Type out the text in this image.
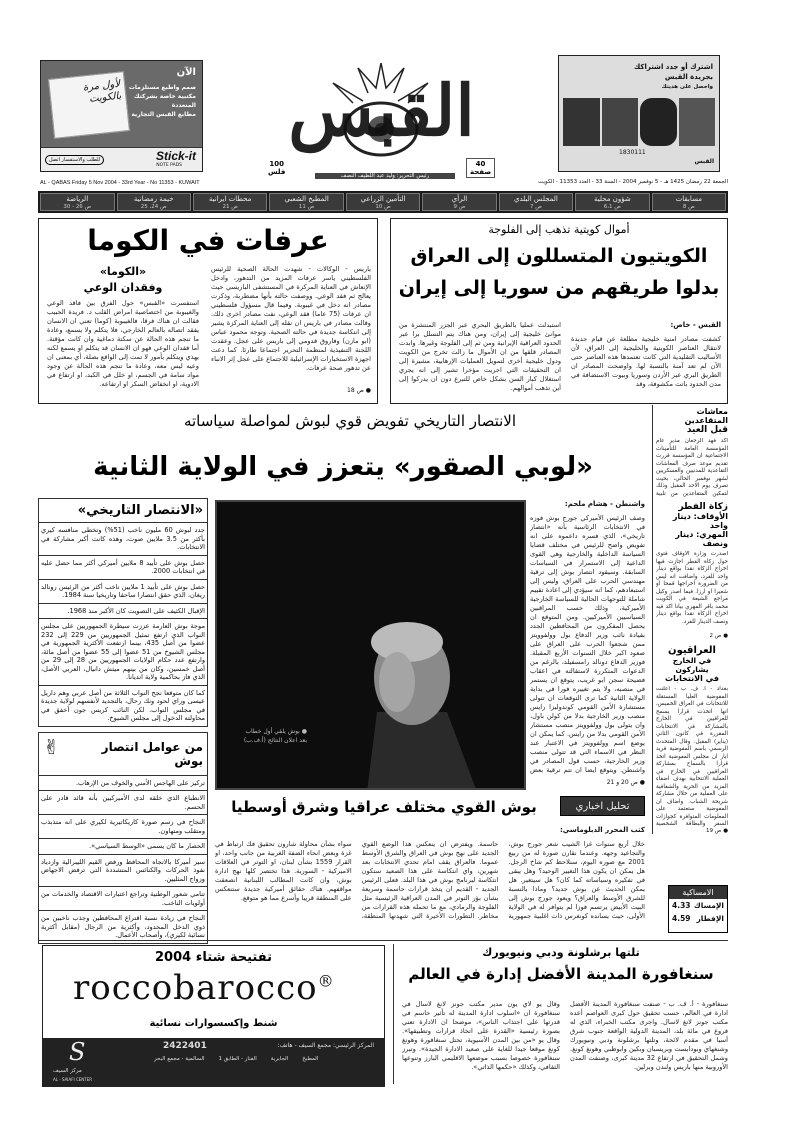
لأول مرة بالكويت
الآن
صمم واطبع مستلزمات
مكتبية خاصة بشركتك
المتعددة
مطابع القبس التجارية
للطلب والاستفسار اتصل	Stick-it
NOTE PADS
القبس
100
فلس
40
صفحة
رئيس التحرير: وليد عبد اللطيف النصف
اشترك أو جدد اشتراكك
بجريدة القبس
واحصل على هديتك
1830111
القبس
AL - QABAS Friday 5 Nov 2004 - 33rd Year - No 11353 - KUWAIT	الجمعة 22 رمضان 1425 هـ - 5 نوفمبر 2004 - السنة 33 - العدد 11353 - الكويت
مسابقات
ص 8
شؤون محلية
ص 6،1
المجلس البلدي
ص 7
الرأي
ص 9
التأمين الزراعي
ص 10
المطبخ الشعبي
ص 11
محطات ايرانية
ص 21
خيمة رمضانية
ص 24، 25
الرياضة
ص 26 - 30
أموال كويتية تذهب إلى الفلوجة
الكويتيون المتسللون إلى العراق
بدلوا طريقهم من سوريا إلى إيران
القبس - خاص:
كشفت مصادر امنية خليجية مطلعة عن قيام جديدة لانتقال العناصر الكويتية والخليجية إلى العراق، لأن الأساليب التقليدية التي كانت تعتمدها هذه العناصر حتى الآن لم تعد آمنة بالنسبة لها. واوضحت المصادر ان الطريق البري عبر الأردن وسوريا وبيوت الاستضافة في مدن الحدود باتت مكشوفة، وقد
استبدلت عمليا بالطريق البحري عبر الجزر المنتشرة من موانئ خليجية إلى إيران، ومن هناك يتم التسلل برا عبر الحدود العراقية الإيرانية ومن ثم إلى الفلوجة وغيرها. وابدت المصادر قلقها من ان الأموال ما زالت تخرج من الكويت ودول خليجية أخرى لتمويل العمليات الإرهابية، مشيرة إلى ان التحقيقات التي اجريت مؤخرا تشير إلى انه يجري استغلال كبار السن بشكل خاص للتبرع دون ان يدركوا إلى أين تذهب أموالهم.
عرفات في الكوما
باريس - الوكالات - شهدت الحالة الصحية للرئيس الفلسطيني ياسر عرفات المزيد من التدهور، وادخل الإنعاش في العناية المركزة في المستشفى الباريسي حيث يعالج ثم فقد الوعي. ووصفت حالته بأنها مضطربة، وذكرت مصادر انه دخل في غيبوبة. وفيما قال مسؤول فلسطيني ان عرفات (75 عاما) فقد الوعي، نفت مصادر اخرى ذلك. وقالت مصادر في باريس ان نقله إلى العناية المركزة يشير إلى انتكاسة جديدة في حالته الصحية. وتوجه محمود عباس (ابو مازن) وفاروق قدومي إلى باريس على عجل. وعقدت اللجنة التنفيذية لمنظمة التحرير اجتماعا طارئا. كما دعت اجهزة الاستخبارات الإسرائيلية للاجتماع على عجل إثر الانباء عن تدهور صحة عرفات.
● ص 18
«الكوما»
وفقدان الوعي
استفسرت «القبس» حول الفرق بين فاقد الوعي والغيبوبة من اختصاصية امراض القلب د. فريدة الحبيب فقالت ان هناك فرقا، فالغيبوبة (كوما) تعني ان الانسان يفقد اتصاله بالعالم الخارجي، فلا يتكلم ولا يسمع، وعادة ما تنجم هذه الحالة عن سكتة دماغية وان كانت مؤقتة. أما فقدان الوعي فهو ان الانسان قد يتكلم او يسمع لكنه يهذي ويتكلم بأمور لا تمت إلى الواقع بصلة، أي بمعنى ان وعيه ليس معه، وعادة ما تنجم هذه الحالة عن وجود مواد سامة في الجسم، او خلل في الكبد، او ارتفاع في الادوية، او انخفاض السكر او ارتفاعه.
الانتصار التاريخي تفويض قوي لبوش لمواصلة سياساته
«لوبي الصقور» يتعزز في الولاية الثانية
«الانتصار التاريخي»
جدد لبوش 60 مليون ناخب (51%) وتخطى منافسه كيري بأكثر من 3.5 ملايين صوت، وهذه كانت أكبر مشاركة في الانتخابات.
حصل بوش على تأييد 8 ملايين أميركي أكثر مما حصل عليه في انتخابات 2000.
حصل بوش على تأييد 1 ملايين ناخب أكثر من الرئيس رونالد ريغان، الذي حقق انتصارا ساحقا وتاريخيا سنة 1984.
الإقبال الكثيف على التصويت كان الأكبر منذ 1968.
موجة بوش العارمة عززت سيطرة الجمهوريين على مجلس النواب الذي ارتفع تمثيل الجمهوريين من 229 إلى 232 عضوا من أصل 435، بينما ارتفعت الأكثرية الجمهورية في مجلس الشيوخ من 51 عضوا إلى 55 عضوا من أصل مائة، وارتفع عدد حكام الولايات الجمهوريين من 28 إلى 29 من أصل خمسين، وكان من بينهم ميتش دانيال، العربي الأصل، الذي فاز بحاكمية ولاية انديانا.
كما كان متوقعا نجح النواب الثلاثة من أصل عربي وهم داريل عيسى وراي لحود ونك رحال، بالتجديد لأنفسهم لولاية جديدة في مجلس النواب. لكن النائب كريس جون أخفق في محاولته الدخول إلى مجلس الشيوخ.
✌	من عوامل انتصار بوش
تركيز على الهاجس الأمني والخوف من الإرهاب.
الانطباع الذي خلقه لدى الأميركيين بأنه قائد قادر على الحسم.
النجاح في رسم صورة كاريكاتيرية لكيري على انه متذبذب ومتقلب ومتهاون.
الحصار ما كان يسمى «الوسط السياسي».
سير أميركا بالاتجاه المحافظ ورفض القيم الليبرالية وازدياد نفوذ الحركات والكنائس المتشددة التي ترفض الاجهاض وزواج المثليين.
تنامي شعور الوطنية وتراجع اعتبارات الاقتصاد والخدمات من أولويات الناخب.
النجاح في زيادة نسبة اقتراع المحافظين وجذب ناخبين من ذوي الدخل المحدود، وأكثرية من الرجال (مقابل أكثرية نسائية لكيري)، وأصحاب الأعمال.
● بوش يلقي أول خطاب بعد اعلان النتائج (أ.ف.ب)
واشنطن - هشام ملحم:
وصف الرئيس الأميركي جورج بوش فوزه في الانتخابات الرئاسية بأنه «انتصار تاريخي»، الذي فسره داعموه على انه تفويض واضح للرئيس في مختلف قضايا السياسة الداخلية والخارجية وهي القوى الداعية إلى الاستمرار في السياسات السابقة. وسيقود انتصار بوش إلى ترقية مهندسي الحرب على العراق، وليس إلى استبعادهم، كما انه سيؤدي إلى اعادة تقييم شاملة للتوجهات الحالية للسياسة الخارجية الأميركية، وذلك حسب المراقبين السياسيين الأميركيين. ومن المتوقع ان يحصل المفكرون من المحافظين الجدد بقيادة نائب وزير الدفاع بول وولفوويتز ممن شجعوا الحرب على العراق على صعود اكبر خلال السنوات الأربع المقبلة. فوزير الدفاع دونالد رامسفيلد، بالرغم من الدعوات المتكررة لاستقالته في اعقاب فضيحة سجن ابو غريب، يتوقع ان يستمر في منصبه، ولا يتم تغييره فورا في بداية الولاية الثانية كما ترى التوقعات ان تتولى مستشارة الأمن القومي كوندوليزا رايس منصب وزير الخارجية بدلا من كولن باول، وان يتولى بول وولفوويتز منصب مستشار الأمن القومي بدلا من رايس. كما يمكن ان يوضع اسم وولفوويتز في الاعتبار عند النظر في الاسماء التي قد تتولى منصب وزير الخارجية، حسب قول المصادر في واشنطن. ويتوقع ايضا ان تتم ترقية بعض
● ص 20 و 21
تحليل اخباري
بوش القوي مختلف عراقيا وشرق أوسطيا
كتب المحرر الدبلوماسي:
خلال أربع سنوات غزا الشيب شعر جورج بوش، والتجاعيد وجهه. وعندما نقارن صورة له من ربيع 2001 مع صوره اليوم، سنلاحظ كم شاخ الرجل. هل يمكن ان يكون هذا التغيير الوحيد؟ وهل يبقى في تفكيره وسياساته كما كان؟ هل سيتغير. هل يمكن الحديث عن بوش جديد؟ وماذا بالنسبة للشرق الأوسط والعراق؟ ويعود جورج بوش إلى البيت الأبيض يرتسم فوزا لم يتوافر له في الولاية الأولى، حيث يسانده كونغرس ذات اغلبية جمهورية حاسمة. ويفترض ان ينعكس هذا الوضع القوي الجديد على نهج بوش في العراق والشرق الأوسط عموما. فالعراق يقف امام تحدي الانتخابات بعد شهرين، واي انتكاسة على هذا الصعيد ستكون انتكاسة لبرنامج بوش في هذا البلد. فعلى الرئيس الجديد - القديم ان يتخذ قرارات حاسمة وسريعة بشأن بؤر التوتر في المدن العراقية الرئيسية مثل الفلوجة والرمادي، مع ما تحمله هذه القرارات من مخاطر. التطورات الأخيرة التي شهدتها المنطقة، سواء بشأن محاولة شارون تحقيق فك ارتباط في غزة وبعض انحاء الضفة الغربية من جانب واحد، او القرار 1559 بشأن لبنان، او التوتر في العلاقات الاميركية - السورية. هذا تختصر كلها نهج ادارة بوش، وان كانت المطالب اللبنانية انصعقت مواقفهم. هناك حقائق أميركية جديدة ستنعكس على المنطقة قريبا وأسرع مما هو متوقع.
معاشات المتقاعدين
قبل العيد
اكد فهد الرجعان مدير عام المؤسسة العامة للتأمينات الاجتماعية ان المؤسسة قررت تقديم موعد صرف المعاشات التقاعدية للمدنيين والعسكريين لشهر نوفمبر الحالي، بحيث تصرف يوم الاحد المقبل وذلك لتمكين المتقاعدين من تلبية
زكاة الفطر
الأوقاف: دينار واحد
المهري: دينار ونصف
اصدرت وزارة الأوقاف فتوى حول زكاة الفطر اجازت فيها اخراج الزكاة نقدا بواقع دينار واحد للفرد، واضافت انه ليس من الضرورة اخراجها قمحا او شعيرا او ارزا. فيما اصدر وكيل مراجع الشيعة في الكويت محمد باقر المهري بيانا اكد فيه اخراج الزكاة نقدا بواقع دينار ونصف الدينار للفرد.
● ص 2
العراقيون
في الخارج يشاركون
في الانتخابات
بغداد - أ. ف. ب - اعلنت المفوضية العليا المستقلة للانتخابات في العراق الخميس، انها اتخذت قرارا يسمح للعراقيين في الخارج بالمشاركة في الانتخابات المقررة في كانون الثاني (يناير) المقبل. وقال المتحدث الرسمي باسم المفوضية فريد ايار ان مجلس المفوضية اتخذ قرارا بالسماح بمشاركة العراقيين في الخارج في العملية الانتخابية بهدف اضفاء المزيد من الحرية والشفافية على العملية من خلال مشاركة شريحة الشباب. واضاف ان المفوضية ستعتمد على المعلومات المتوافرة كجوازات السفر والبطاقة الشخصية
● ص 19
الامساكية
الإمساك
4.33
الإفطار
4.59
تفتيحة شتاء 2004
roccobarocco®
شنط وإكسسوارات نسائية
S
مركز السيف
AL - SAIAFI CENTER
المركز الرئيسي: مجمع السيف - هاتف:
2422401
السالمية - مجمع البحر	الفنار - الطابق 1	الجابرية	المطبخ
تلتها برشلونة ودبي ونيويورك
سنغافورة المدينة الأفضل إدارة في العالم
سنغافورة - أ. ف. ب - صنفت سنغافورة المدينة الأفضل ادارة في العالم، حسب تحقيق حول كبرى العواصم أعده مكتب جونز لانغ لاسال. واجرى مكتب الخبراء، الذي له فروع في مائة بلد، المدينة الدولية الواقعة جنوب شرق آسيا في مقدم لائحة، وتلتها برشلونة ودبي ونيويورك وشنغهاي وبودابست وبريسبان وبكين وابوظبي وهونغ كونغ. وشمل التحقيق في ارتفاع 32 مدينة كبرى، وصنفت المدن الأوروبية منها باريس ولندن وبرلين.
وقال يو لاي يون مدير مكتب جونز لانغ لاسال في سنغافورة ان «اسلوب ادارة المدينة له تأثير حاسم في قدرتها على اجتذاب الناس»، موضحا ان الادارة تعني بصورة رئيسية «القدرة على اتخاذ قرارات وتطبيقها». وقال يو «من بين المدن الآسيوية، تحتل سنغافورة وهونغ كونغ موقعا جيدا للغاية على صعيد الادارة الجيدة». وتبرز سنغافورة خصوصا بسبب موضعها الاقليمي البارز وتنوعها الثقافي، وكذلك «حكمها الذاتي».
